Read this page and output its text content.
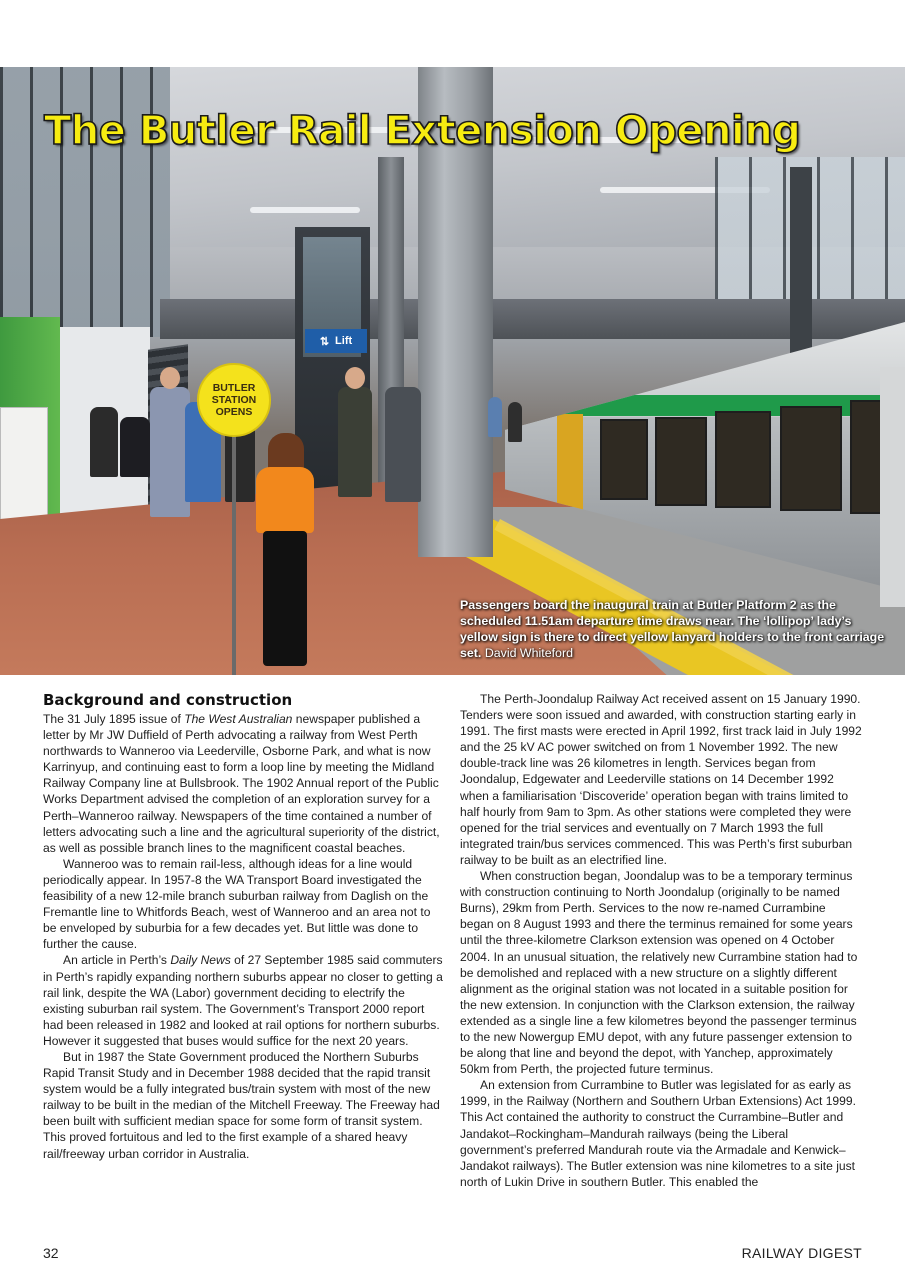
⇅ Lift
BUTLER
STATION
OPENS
The Butler Rail Extension Opening
Passengers board the inaugural train at Butler Platform 2 as the scheduled 11.51am departure time draws near. The ‘lollipop’ lady’s yellow sign is there to direct yellow lanyard holders to the front carriage set. David Whiteford
Background and construction

The 31 July 1895 issue of The West Australian newspaper published a letter by Mr JW Duffield of Perth advocating a railway from West Perth northwards to Wanneroo via Leederville, Osborne Park, and what is now Karrinyup, and continuing east to form a loop line by meeting the Midland Railway Company line at Bullsbrook. The 1902 Annual report of the Public Works Department advised the completion of an exploration survey for a Perth–Wanneroo railway. Newspapers of the time contained a number of letters advocating such a line and the agricultural superiority of the district, as well as possible branch lines to the magnificent coastal beaches.

Wanneroo was to remain rail-less, although ideas for a line would periodically appear. In 1957-8 the WA Transport Board investigated the feasibility of a new 12-mile branch suburban railway from Daglish on the Fremantle line to Whitfords Beach, west of Wanneroo and an area not to be enveloped by suburbia for a few decades yet. But little was done to further the cause.

An article in Perth’s Daily News of 27 September 1985 said commuters in Perth’s rapidly expanding northern suburbs appear no closer to getting a rail link, despite the WA (Labor) government deciding to electrify the existing suburban rail system. The Government’s Transport 2000 report had been released in 1982 and looked at rail options for northern suburbs. However it suggested that buses would suffice for the next 20 years.

But in 1987 the State Government produced the Northern Suburbs Rapid Transit Study and in December 1988 decided that the rapid transit system would be a fully integrated bus/train system with most of the new railway to be built in the median of the Mitchell Freeway. The Freeway had been built with sufficient median space for some form of transit system. This proved fortuitous and led to the first example of a shared heavy rail/freeway urban corridor in Australia.

The Perth-Joondalup Railway Act received assent on 15 January 1990. Tenders were soon issued and awarded, with construction starting early in 1991. The first masts were erected in April 1992, first track laid in July 1992 and the 25 kV AC power switched on from 1 November 1992. The new double-track line was 26 kilometres in length. Services began from Joondalup, Edgewater and Leederville stations on 14 December 1992 when a familiarisation ‘Discoveride’ operation began with trains limited to half hourly from 9am to 3pm. As other stations were completed they were opened for the trial services and eventually on 7 March 1993 the full integrated train/bus services commenced. This was Perth’s first suburban railway to be built as an electrified line.

When construction began, Joondalup was to be a temporary terminus with construction continuing to North Joondalup (originally to be named Burns), 29km from Perth. Services to the now re-named Currambine began on 8 August 1993 and there the terminus remained for some years until the three-kilometre Clarkson extension was opened on 4 October 2004. In an unusual situation, the relatively new Currambine station had to be demolished and replaced with a new structure on a slightly different alignment as the original station was not located in a suitable position for the new extension. In conjunction with the Clarkson extension, the railway extended as a single line a few kilometres beyond the passenger terminus to the new Nowergup EMU depot, with any future passenger extension to be along that line and beyond the depot, with Yanchep, approximately 50km from Perth, the projected future terminus.

An extension from Currambine to Butler was legislated for as early as 1999, in the Railway (Northern and Southern Urban Extensions) Act 1999. This Act contained the authority to construct the Currambine–Butler and Jandakot–Rockingham–Mandurah railways (being the Liberal government’s preferred Mandurah route via the Armadale and Kenwick–Jandakot railways). The Butler extension was nine kilometres to a site just north of Lukin Drive in southern Butler. This enabled the

32	RAILWAY DIGEST
